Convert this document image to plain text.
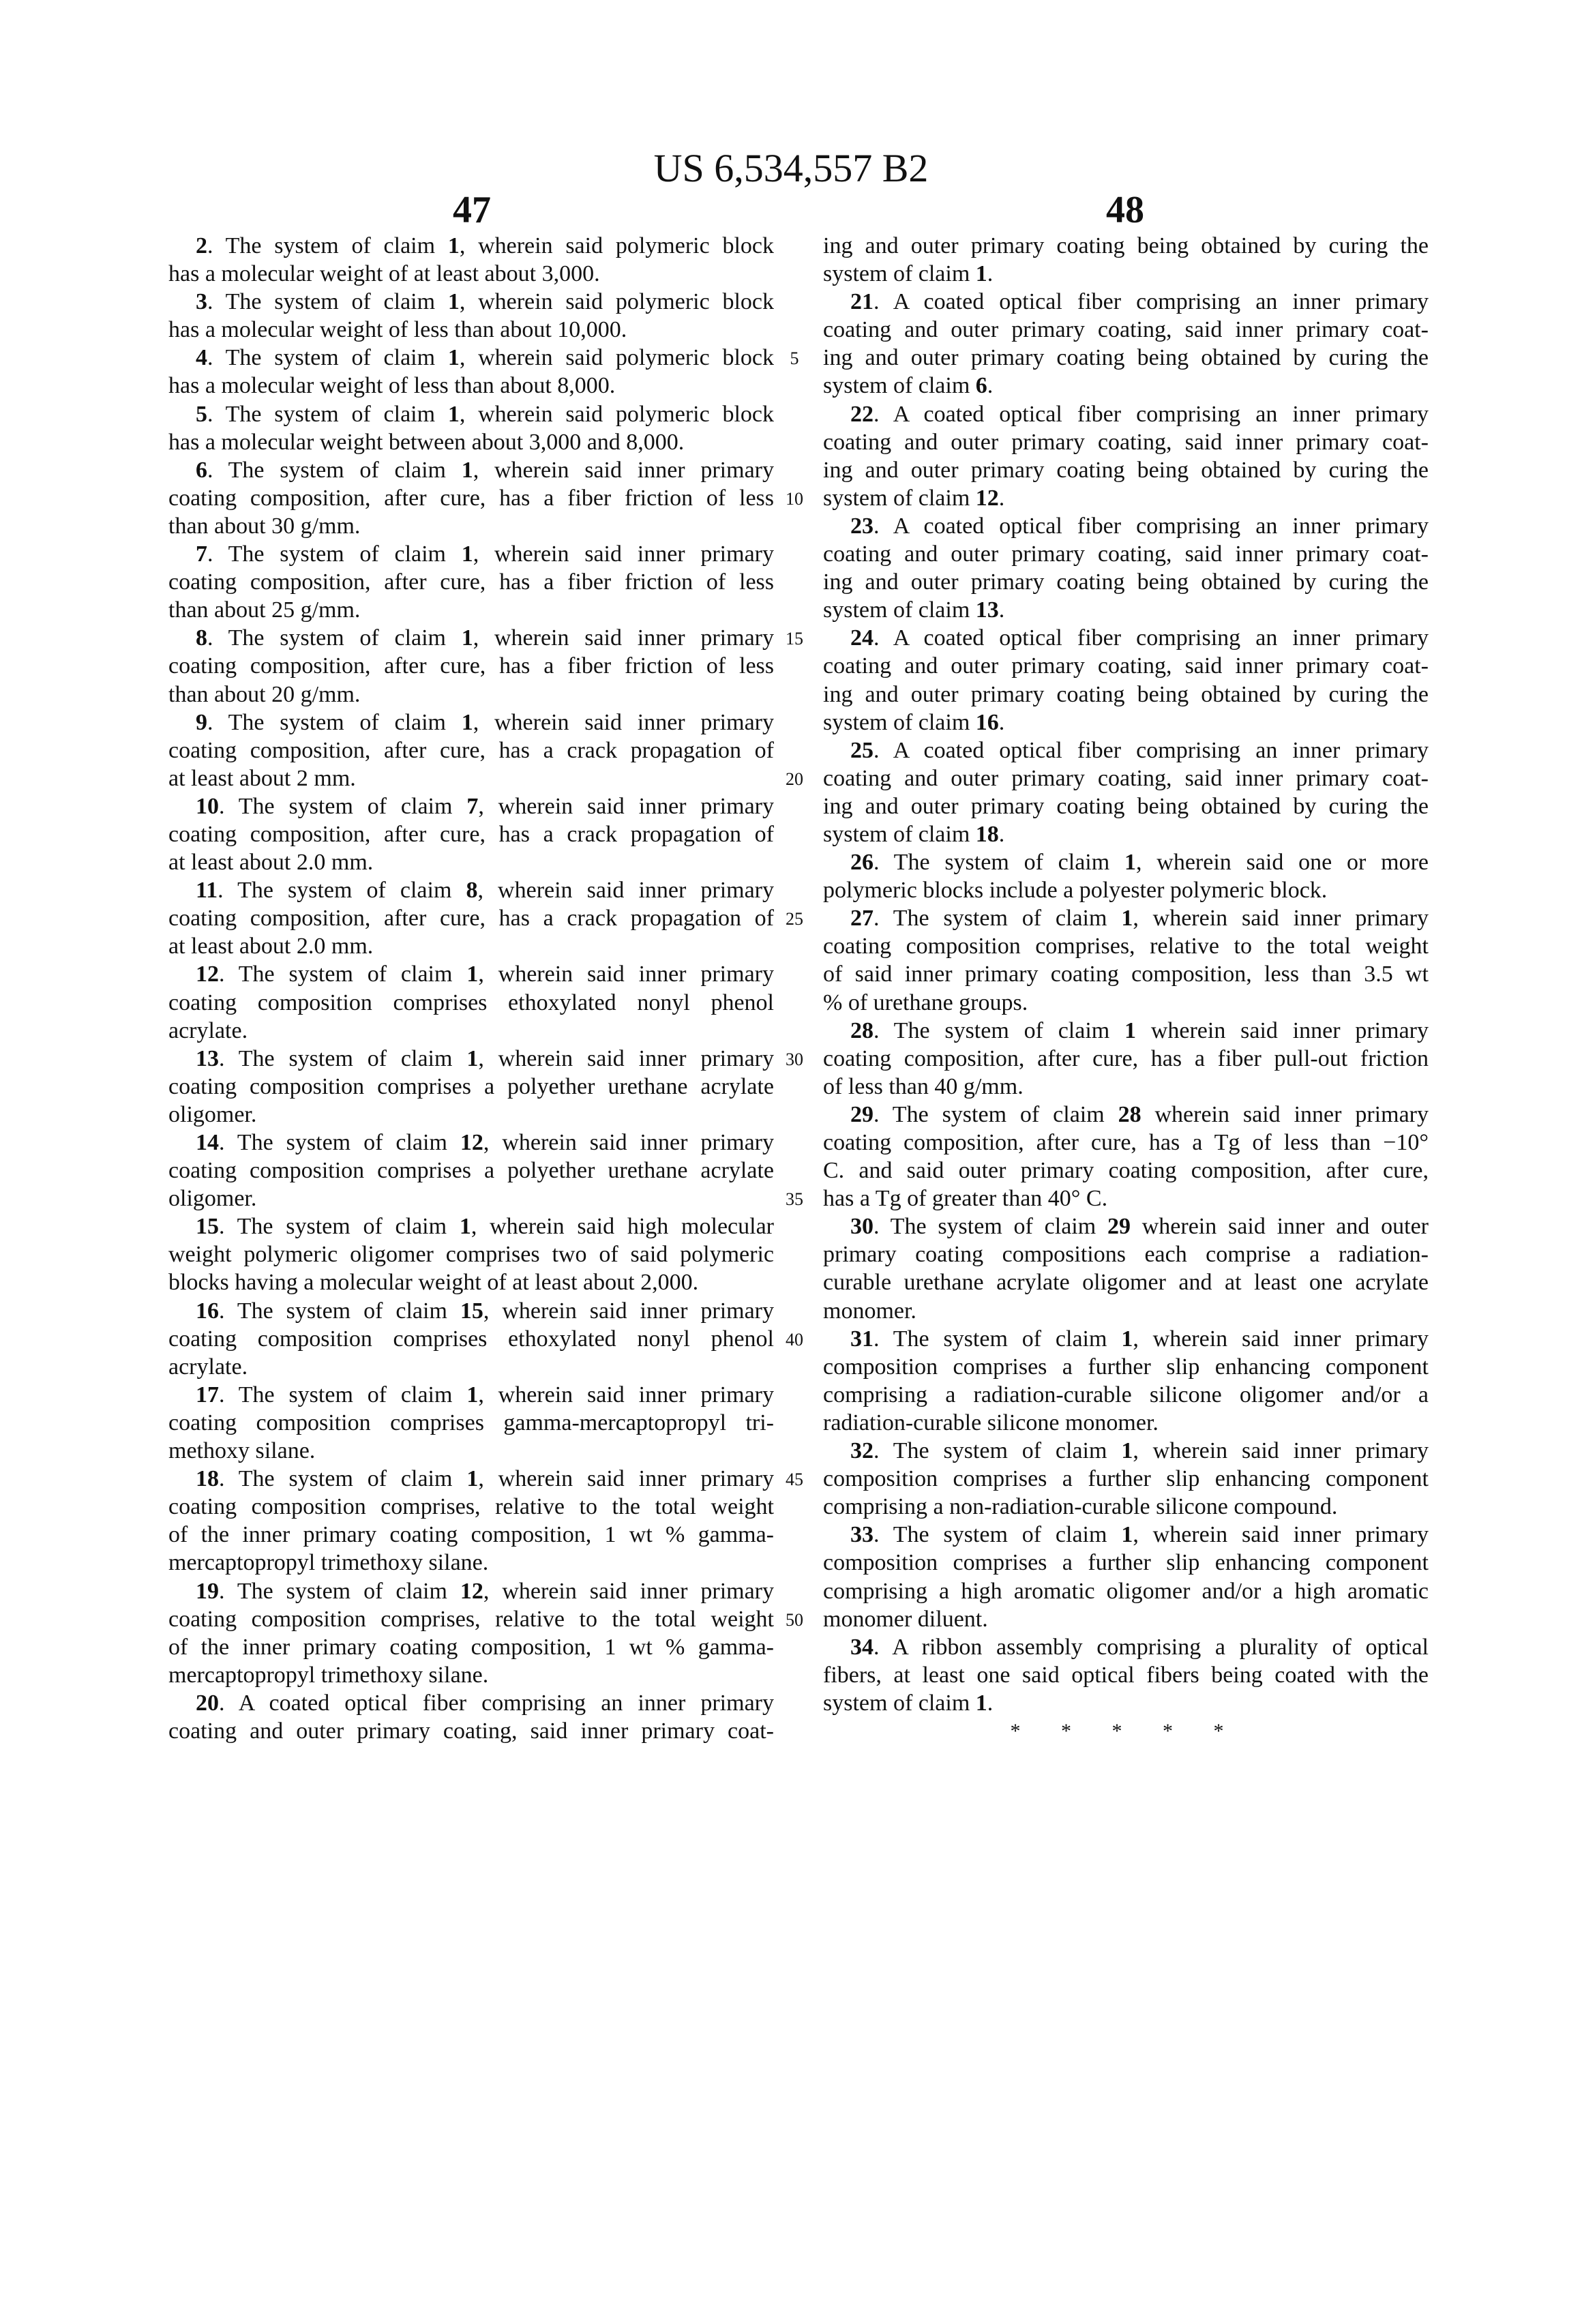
US 6,534,557 B2
47	48
2. The system of claim 1, wherein said polymeric block
has a molecular weight of at least about 3,000.
3. The system of claim 1, wherein said polymeric block
has a molecular weight of less than about 10,000.
4. The system of claim 1, wherein said polymeric block
has a molecular weight of less than about 8,000.
5. The system of claim 1, wherein said polymeric block
has a molecular weight between about 3,000 and 8,000.
6. The system of claim 1, wherein said inner primary
coating composition, after cure, has a fiber friction of less
than about 30 g/mm.
7. The system of claim 1, wherein said inner primary
coating composition, after cure, has a fiber friction of less
than about 25 g/mm.
8. The system of claim 1, wherein said inner primary
coating composition, after cure, has a fiber friction of less
than about 20 g/mm.
9. The system of claim 1, wherein said inner primary
coating composition, after cure, has a crack propagation of
at least about 2 mm.
10. The system of claim 7, wherein said inner primary
coating composition, after cure, has a crack propagation of
at least about 2.0 mm.
11. The system of claim 8, wherein said inner primary
coating composition, after cure, has a crack propagation of
at least about 2.0 mm.
12. The system of claim 1, wherein said inner primary
coating composition comprises ethoxylated nonyl phenol
acrylate.
13. The system of claim 1, wherein said inner primary
coating composition comprises a polyether urethane acrylate
oligomer.
14. The system of claim 12, wherein said inner primary
coating composition comprises a polyether urethane acrylate
oligomer.
15. The system of claim 1, wherein said high molecular
weight polymeric oligomer comprises two of said polymeric
blocks having a molecular weight of at least about 2,000.
16. The system of claim 15, wherein said inner primary
coating composition comprises ethoxylated nonyl phenol
acrylate.
17. The system of claim 1, wherein said inner primary
coating composition comprises gamma-mercaptopropyl tri-
methoxy silane.
18. The system of claim 1, wherein said inner primary
coating composition comprises, relative to the total weight
of the inner primary coating composition, 1 wt % gamma-
mercaptopropyl trimethoxy silane.
19. The system of claim 12, wherein said inner primary
coating composition comprises, relative to the total weight
of the inner primary coating composition, 1 wt % gamma-
mercaptopropyl trimethoxy silane.
20. A coated optical fiber comprising an inner primary
coating and outer primary coating, said inner primary coat-
5
10
15
20
25
30
35
40
45
50
ing and outer primary coating being obtained by curing the
system of claim 1.
21. A coated optical fiber comprising an inner primary
coating and outer primary coating, said inner primary coat-
ing and outer primary coating being obtained by curing the
system of claim 6.
22. A coated optical fiber comprising an inner primary
coating and outer primary coating, said inner primary coat-
ing and outer primary coating being obtained by curing the
system of claim 12.
23. A coated optical fiber comprising an inner primary
coating and outer primary coating, said inner primary coat-
ing and outer primary coating being obtained by curing the
system of claim 13.
24. A coated optical fiber comprising an inner primary
coating and outer primary coating, said inner primary coat-
ing and outer primary coating being obtained by curing the
system of claim 16.
25. A coated optical fiber comprising an inner primary
coating and outer primary coating, said inner primary coat-
ing and outer primary coating being obtained by curing the
system of claim 18.
26. The system of claim 1, wherein said one or more
polymeric blocks include a polyester polymeric block.
27. The system of claim 1, wherein said inner primary
coating composition comprises, relative to the total weight
of said inner primary coating composition, less than 3.5 wt
% of urethane groups.
28. The system of claim 1 wherein said inner primary
coating composition, after cure, has a fiber pull-out friction
of less than 40 g/mm.
29. The system of claim 28 wherein said inner primary
coating composition, after cure, has a Tg of less than −10°
C. and said outer primary coating composition, after cure,
has a Tg of greater than 40° C.
30. The system of claim 29 wherein said inner and outer
primary coating compositions each comprise a radiation-
curable urethane acrylate oligomer and at least one acrylate
monomer.
31. The system of claim 1, wherein said inner primary
composition comprises a further slip enhancing component
comprising a radiation-curable silicone oligomer and/or a
radiation-curable silicone monomer.
32. The system of claim 1, wherein said inner primary
composition comprises a further slip enhancing component
comprising a non-radiation-curable silicone compound.
33. The system of claim 1, wherein said inner primary
composition comprises a further slip enhancing component
comprising a high aromatic oligomer and/or a high aromatic
monomer diluent.
34. A ribbon assembly comprising a plurality of optical
fibers, at least one said optical fibers being coated with the
system of claim 1.
* * * * *
